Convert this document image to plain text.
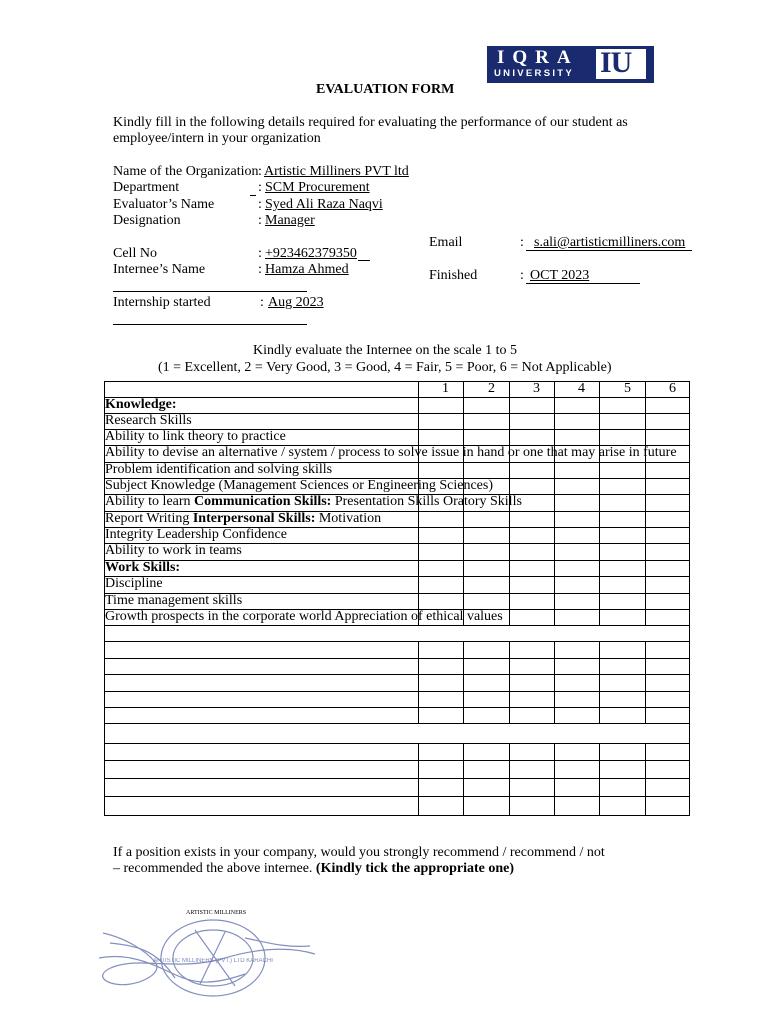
IQRA
UNIVERSITY IU
EVALUATION FORM
Kindly fill in the following details required for evaluating the performance of our student as
employee/intern in your organization
Name of the Organization : Artistic Milliners PVT ltd
Department	: SCM Procurement
Evaluator’s Name	: Syed Ali Raza Naqvi
Designation	: Manager
Cell No	: +923462379350
Internee’s Name	: Hamza Ahmed
Internship started	: Aug 2023
Email	: s.ali@artisticmilliners.com
Finished	: OCT 2023
Kindly evaluate the Internee on the scale 1 to 5
(1 = Excellent, 2 = Very Good, 3 = Good, 4 = Fair, 5 = Poor, 6 = Not Applicable)
1	2	3	4	5	6
Knowledge:
Research Skills
Ability to link theory to practice
Ability to devise an alternative / system / process to solve issue in hand or one that may arise in future
Problem identification and solving skills
Subject Knowledge (Management Sciences or Engineering Sciences)
Ability to learn Communication Skills: Presentation Skills Oratory Skills
Report Writing Interpersonal Skills: Motivation
Integrity Leadership Confidence
Ability to work in teams
Work Skills:
Discipline
Time management skills
Growth prospects in the corporate world Appreciation of ethical values
If a position exists in your company, would you strongly recommend / recommend / not
– recommended the above internee. (Kindly tick the appropriate one)
ARTISTIC MILLINERS
ARTISTIC MILLINERS (PVT.) LTD KARACHI
